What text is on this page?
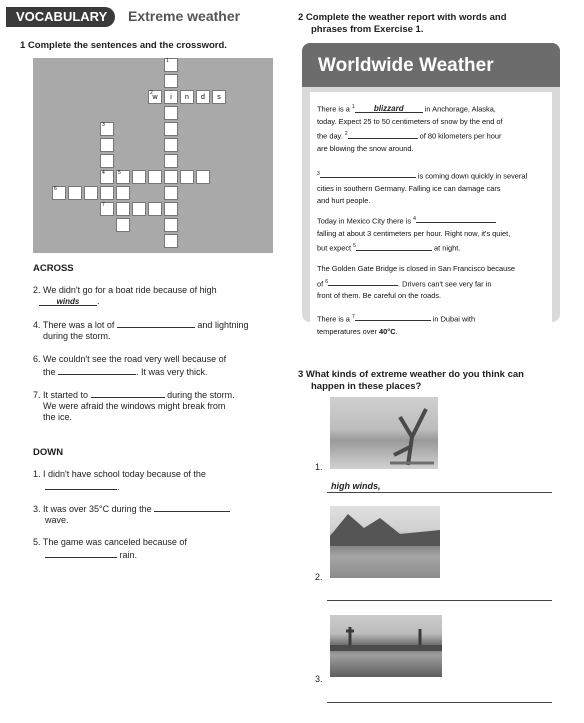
VOCABULARY	Extreme weather
1 Complete the sentences and the crossword.
1
2
w	i	n	d	s
3
4	5
6
7
ACROSS
2. We didn't go for a boat ride because of high
winds .
4. There was a lot of	and lightning
during the storm.
6. We couldn't see the road very well because of
the	. It was very thick.
7. It started to	during the storm.
We were afraid the windows might break from
the ice.
DOWN
1. I didn't have school today because of the
.
3. It was over 35°C during the
wave.
5. The game was canceled because of
rain.
2 Complete the weather report with words and
phrases from Exercise 1.
Worldwide Weather
There is a $^1$ blizzard	in Anchorage, Alaska,
today. Expect 25 to 50 centimeters of snow by the end of
the day. $^2$	of 80 kilometers per hour
are blowing the snow around.
$^3$	is coming down quickly in several
cities in southern Germany. Falling ice can damage cars
and hurt people.
Today in Mexico City there is $^4$
falling at about 3 centimeters per hour. Right now, it's quiet,
but expect $^5$	at night.
The Golden Gate Bridge is closed in San Francisco because
of $^6$	. Drivers can't see very far in
front of them. Be careful on the roads.
There is a $^7$	in Dubai with
temperatures over 40°C.
3 What kinds of extreme weather do you think can
happen in these places?
1.
high winds,
2.
3.
